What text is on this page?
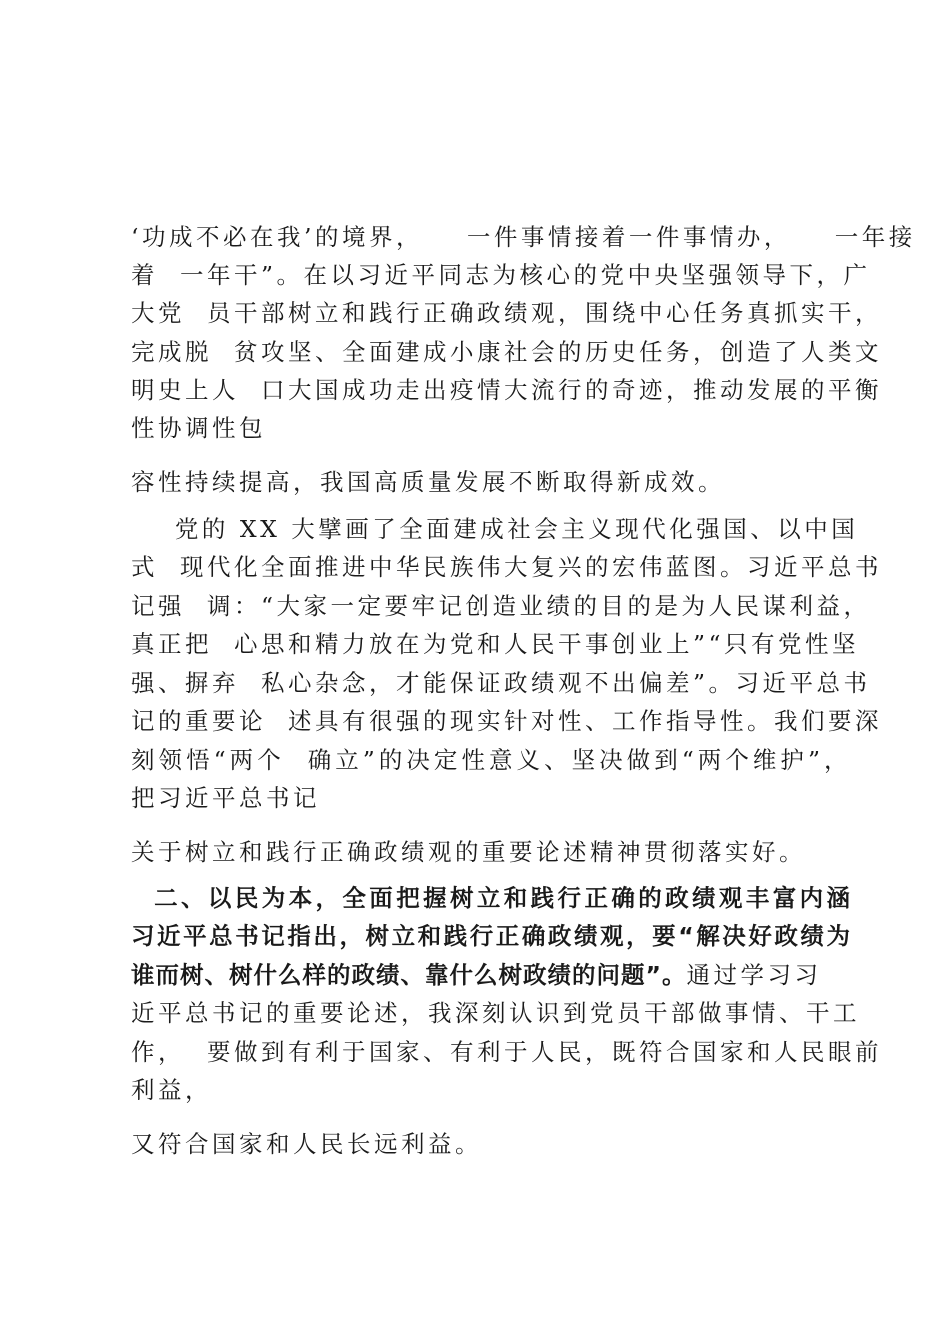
‘功成不必在我’的境界，    一件事情接着一件事情办，    一年接
着  一年干”。在以习近平同志为核心的党中央坚强领导下，广
大党  员干部树立和践行正确政绩观，围绕中心任务真抓实干，
完成脱  贫攻坚、全面建成小康社会的历史任务，创造了人类文
明史上人  口大国成功走出疫情大流行的奇迹，推动发展的平衡
性协调性包
容性持续提高，我国高质量发展不断取得新成效。
党的 XX 大擘画了全面建成社会主义现代化强国、以中国
式  现代化全面推进中华民族伟大复兴的宏伟蓝图。习近平总书
记强  调：“大家一定要牢记创造业绩的目的是为人民谋利益，
真正把  心思和精力放在为党和人民干事创业上”“只有党性坚
强、摒弃  私心杂念，才能保证政绩观不出偏差”。习近平总书
记的重要论  述具有很强的现实针对性、工作指导性。我们要深
刻领悟“两个  确立”的决定性意义、坚决做到“两个维护”，
把习近平总书记
关于树立和践行正确政绩观的重要论述精神贯彻落实好。
二、以民为本，全面把握树立和践行正确的政绩观丰富内涵
习近平总书记指出，树立和践行正确政绩观，要“解决好政绩为
谁而树、树什么样的政绩、靠什么树政绩的问题”。通过学习习
近平总书记的重要论述，我深刻认识到党员干部做事情、干工
作，  要做到有利于国家、有利于人民，既符合国家和人民眼前
利益，
又符合国家和人民长远利益。
